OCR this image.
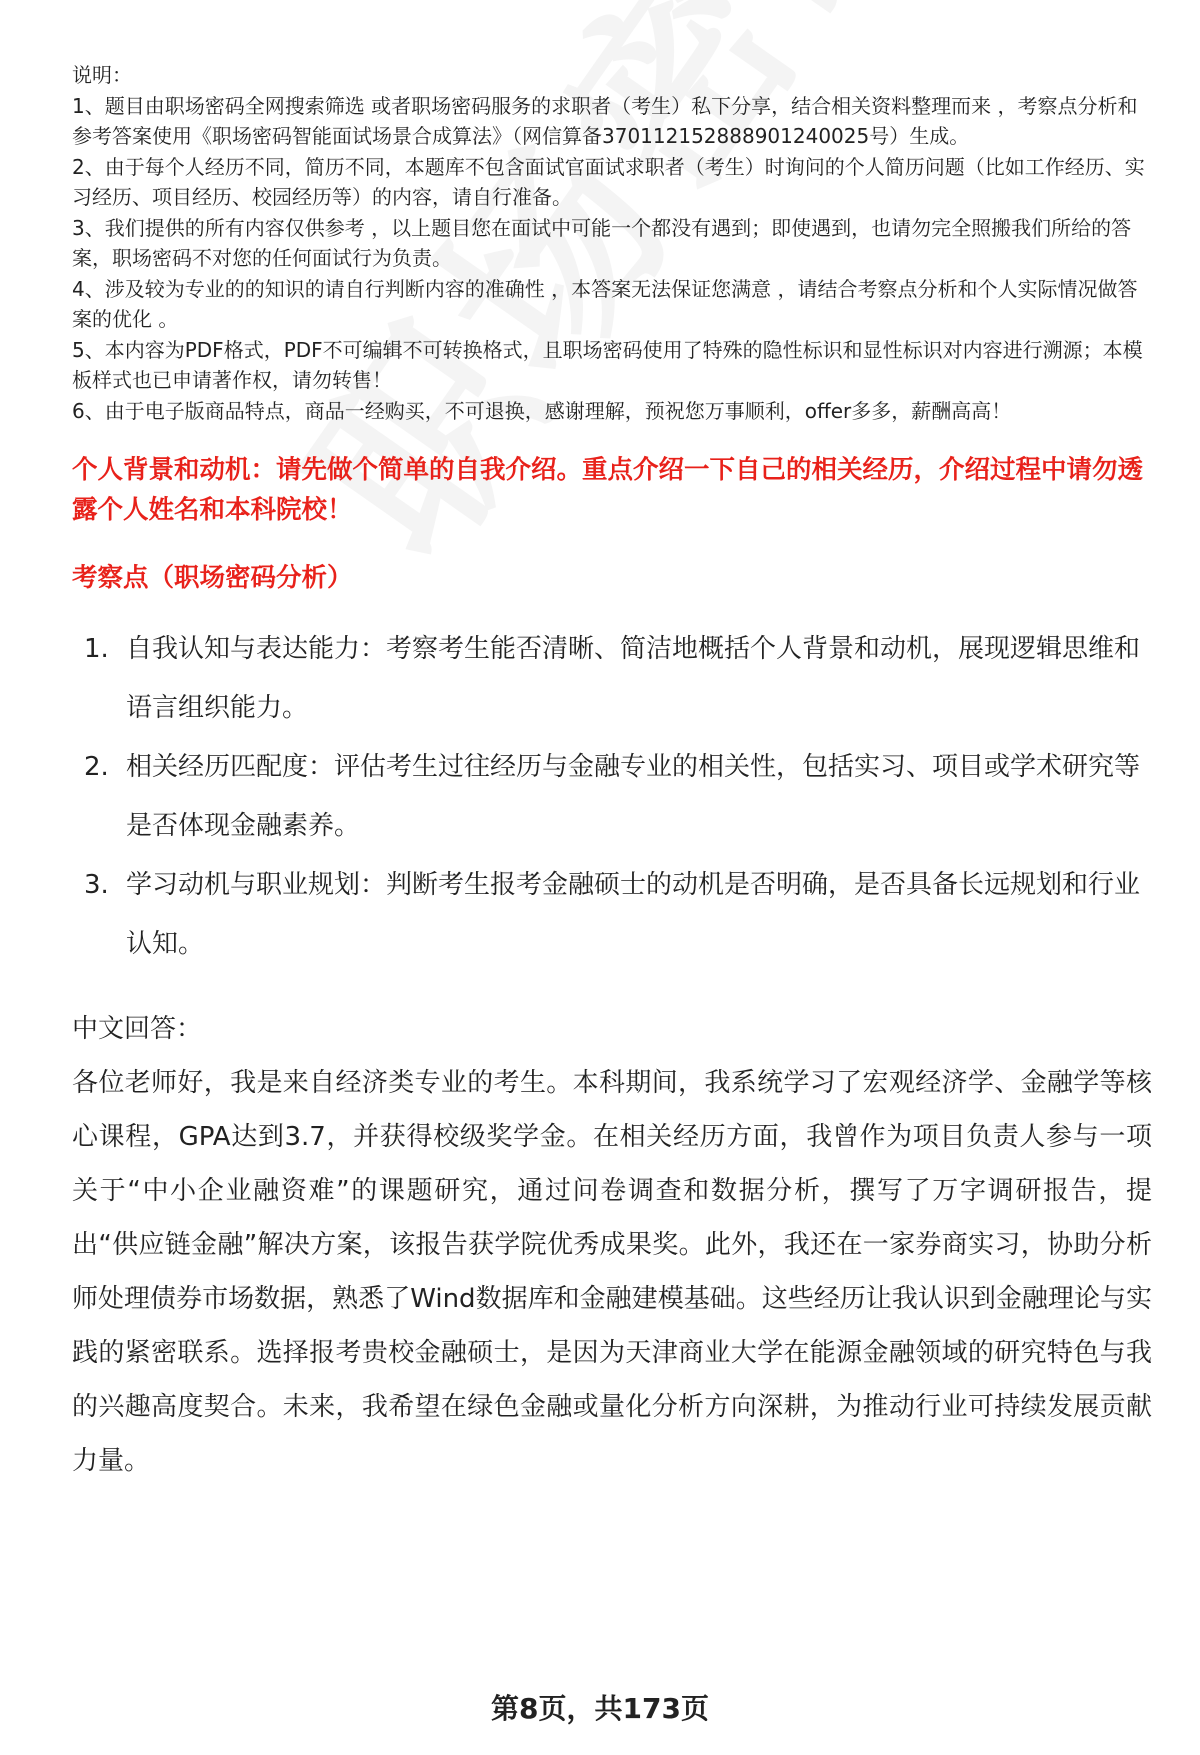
说明：

1、题目由职场密码全网搜索筛选 或者职场密码服务的求职者（考生）私下分享，结合相关资料整理而来 ，考察点分析和参考答案使用《职场密码智能面试场景合成算法》（网信算备370112152888901240025号）生成。

2、由于每个人经历不同，简历不同，本题库不包含面试官面试求职者（考生）时询问的个人简历问题（比如工作经历、实习经历、项目经历、校园经历等）的内容，请自行准备。

3、我们提供的所有内容仅供参考 ，以上题目您在面试中可能一个都没有遇到；即使遇到，也请勿完全照搬我们所给的答案，职场密码不对您的任何面试行为负责。

4、涉及较为专业的的知识的请自行判断内容的准确性 ，本答案无法保证您满意 ，请结合考察点分析和个人实际情况做答案的优化 。

5、本内容为PDF格式，PDF不可编辑不可转换格式，且职场密码使用了特殊的隐性标识和显性标识对内容进行溯源；本模板样式也已申请著作权，请勿转售！

6、由于电子版商品特点，商品一经购买，不可退换，感谢理解，预祝您万事顺利，offer多多，薪酬高高！

个人背景和动机：请先做个简单的自我介绍。重点介绍一下自己的相关经历，介绍过程中请勿透露个人姓名和本科院校！
考察点（职场密码分析）
1. 自我认知与表达能力：考察考生能否清晰、简洁地概括个人背景和动机，展现逻辑思维和语言组织能力。
2. 相关经历匹配度：评估考生过往经历与金融专业的相关性，包括实习、项目或学术研究等是否体现金融素养。
3. 学习动机与职业规划：判断考生报考金融硕士的动机是否明确，是否具备长远规划和行业认知。
中文回答：
各位老师好，我是来自经济类专业的考生。本科期间，我系统学习了宏观经济学、金融学等核心课程，GPA达到3.7，并获得校级奖学金。在相关经历方面，我曾作为项目负责人参与一项关于“中小企业融资难”的课题研究，通过问卷调查和数据分析，撰写了万字调研报告，提出“供应链金融”解决方案，该报告获学院优秀成果奖。此外，我还在一家券商实习，协助分析师处理债券市场数据，熟悉了Wind数据库和金融建模基础。这些经历让我认识到金融理论与实践的紧密联系。选择报考贵校金融硕士，是因为天津商业大学在能源金融领域的研究特色与我的兴趣高度契合。未来，我希望在绿色金融或量化分析方向深耕，为推动行业可持续发展贡献力量。
第8页，共173页
